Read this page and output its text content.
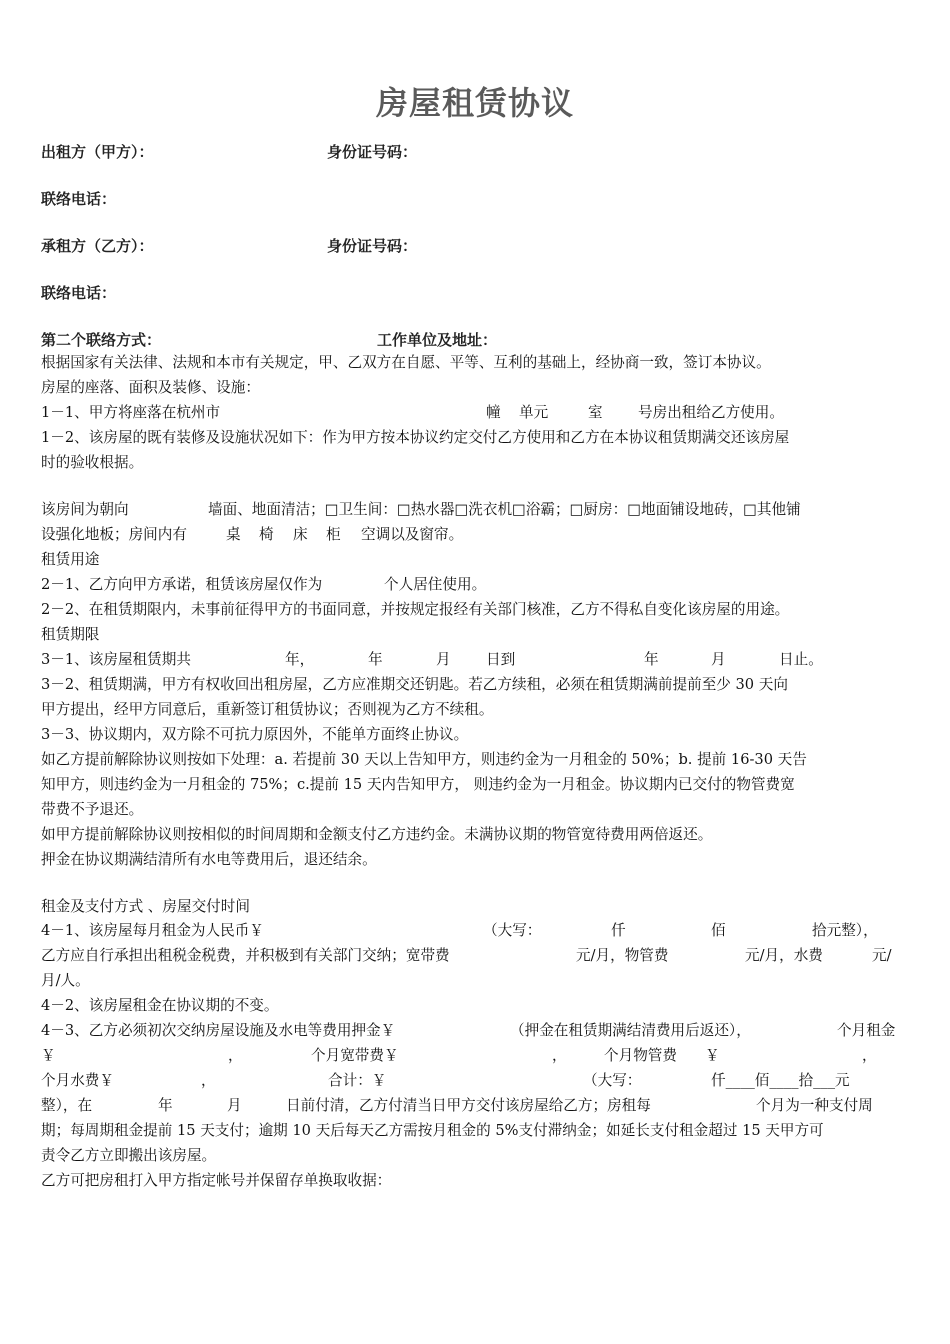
房屋租赁协议
出租方（甲方）：	身份证号码：
联络电话：
承租方（乙方）：	身份证号码：
联络电话：
第二个联络方式：	工作单位及地址：
根据国家有关法律、法规和本市有关规定，甲、乙双方在自愿、平等、互利的基础上，经协商一致，签订本协议。
房屋的座落、面积及装修、设施：
1－1、甲方将座落在杭州市	幢 单元	室 号房出租给乙方使用。
1－2、该房屋的既有装修及设施状况如下：作为甲方按本协议约定交付乙方使用和乙方在本协议租赁期满交还该房屋
时的验收根据。
该房间为朝向	墙面、地面清洁；□卫生间：□热水器□洗衣机□浴霸；□厨房：□地面铺设地砖，□其他铺
设强化地板；房间内有	桌 椅 床 柜 空调以及窗帘。
租赁用途
2－1、乙方向甲方承诺，租赁该房屋仅作为	个人居住使用。
2－2、在租赁期限内，未事前征得甲方的书面同意，并按规定报经有关部门核准，乙方不得私自变化该房屋的用途。
租赁期限
3－1、该房屋租赁期共	年，	年	月 日到	年	月	日止。
3－2、租赁期满，甲方有权收回出租房屋，乙方应准期交还钥匙。若乙方续租，必须在租赁期满前提前至少 30 天向
甲方提出，经甲方同意后，重新签订租赁协议；否则视为乙方不续租。
3－3、协议期内，双方除不可抗力原因外，不能单方面终止协议。
如乙方提前解除协议则按如下处理：a. 若提前 30 天以上告知甲方，则违约金为一月租金的 50%；b. 提前 16-30 天告
知甲方，则违约金为一月租金的 75%；c.提前 15 天内告知甲方， 则违约金为一月租金。协议期内已交付的物管费宽
带费不予退还。
如甲方提前解除协议则按相似的时间周期和金额支付乙方违约金。未满协议期的物管宽待费用两倍返还。
押金在协议期满结清所有水电等费用后，退还结余。
租金及支付方式 、房屋交付时间
4－1、该房屋每月租金为人民币￥	（大写：	仟	佰	拾元整），
乙方应自行承担出租税金税费，并积极到有关部门交纳；宽带费	元/月，物管费	元/月，水费	元/
月/人。
4－2、该房屋租金在协议期的不变。
4－3、乙方必须初次交纳房屋设施及水电等费用押金￥	（押金在租赁期满结清费用后返还），	个月租金
￥	，	个月宽带费￥	，	个月物管费 ￥	，
个月水费￥	，	合计：￥	（大写：	仟____佰____拾___元
整），在	年	月	日前付清，乙方付清当日甲方交付该房屋给乙方；房租每	个月为一种支付周
期；每周期租金提前 15 天支付；逾期 10 天后每天乙方需按月租金的 5%支付滞纳金；如延长支付租金超过 15 天甲方可
责令乙方立即搬出该房屋。
乙方可把房租打入甲方指定帐号并保留存单换取收据：
